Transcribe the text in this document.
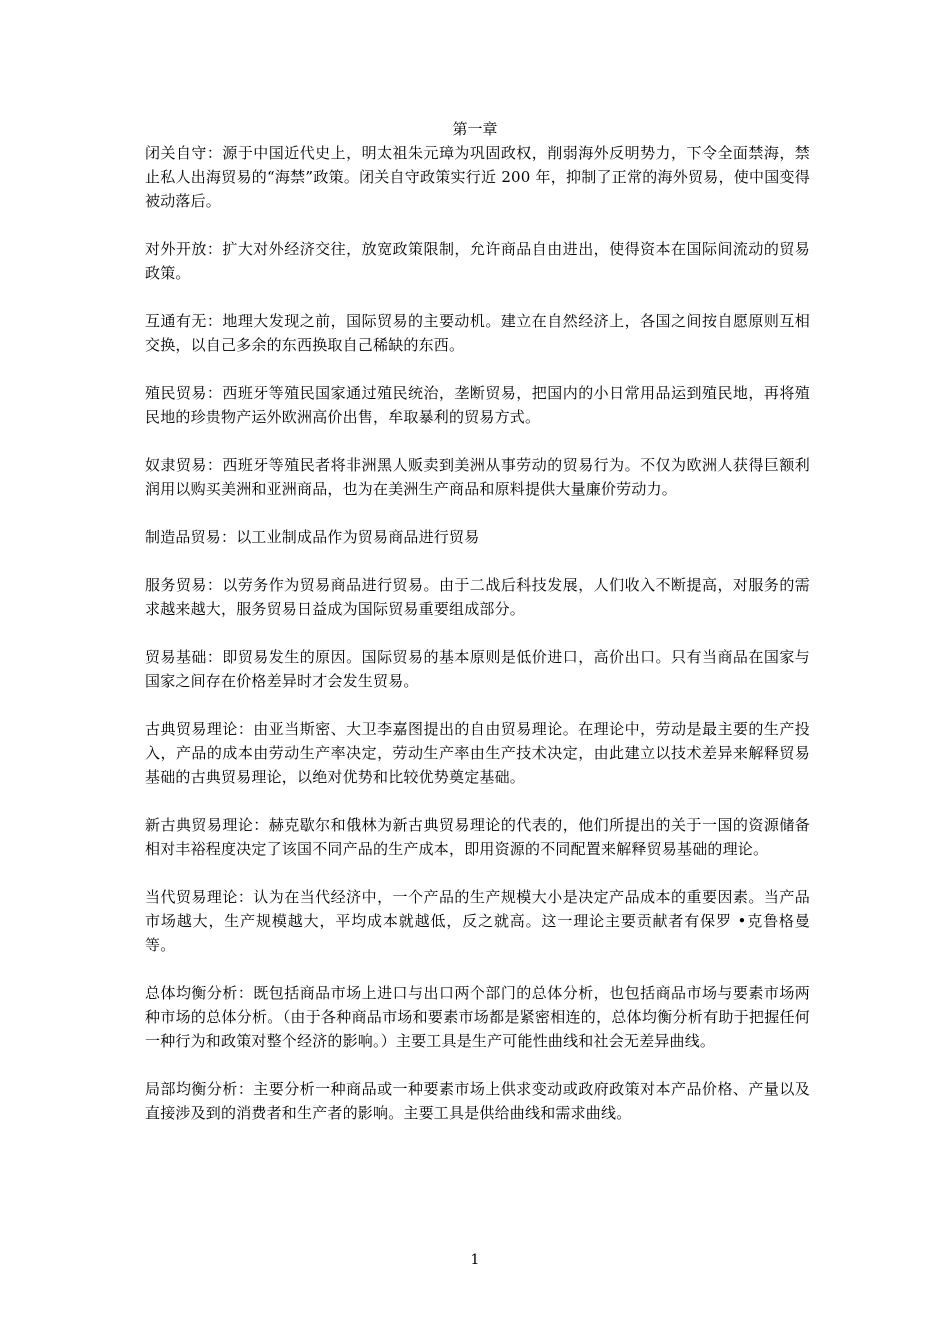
第一章

闭关自守：源于中国近代史上，明太祖朱元璋为巩固政权，削弱海外反明势力，下令全面禁海，禁止私人出海贸易的“海禁”政策。闭关自守政策实行近 200 年，抑制了正常的海外贸易，使中国变得被动落后。

对外开放：扩大对外经济交往，放宽政策限制，允许商品自由进出，使得资本在国际间流动的贸易政策。

互通有无：地理大发现之前，国际贸易的主要动机。建立在自然经济上，各国之间按自愿原则互相交换，以自己多余的东西换取自己稀缺的东西。

殖民贸易：西班牙等殖民国家通过殖民统治，垄断贸易，把国内的小日常用品运到殖民地，再将殖民地的珍贵物产运外欧洲高价出售，牟取暴利的贸易方式。

奴隶贸易：西班牙等殖民者将非洲黑人贩卖到美洲从事劳动的贸易行为。不仅为欧洲人获得巨额利润用以购买美洲和亚洲商品，也为在美洲生产商品和原料提供大量廉价劳动力。

制造品贸易：以工业制成品作为贸易商品进行贸易

服务贸易：以劳务作为贸易商品进行贸易。由于二战后科技发展，人们收入不断提高，对服务的需求越来越大，服务贸易日益成为国际贸易重要组成部分。

贸易基础：即贸易发生的原因。国际贸易的基本原则是低价进口，高价出口。只有当商品在国家与国家之间存在价格差异时才会发生贸易。

古典贸易理论：由亚当斯密、大卫李嘉图提出的自由贸易理论。在理论中，劳动是最主要的生产投入，产品的成本由劳动生产率决定，劳动生产率由生产技术决定，由此建立以技术差异来解释贸易基础的古典贸易理论，以绝对优势和比较优势奠定基础。

新古典贸易理论：赫克歇尔和俄林为新古典贸易理论的代表的，他们所提出的关于一国的资源储备相对丰裕程度决定了该国不同产品的生产成本，即用资源的不同配置来解释贸易基础的理论。

当代贸易理论：认为在当代经济中，一个产品的生产规模大小是决定产品成本的重要因素。当产品市场越大，生产规模越大，平均成本就越低，反之就高。这一理论主要贡献者有保罗 •克鲁格曼等。

总体均衡分析：既包括商品市场上进口与出口两个部门的总体分析，也包括商品市场与要素市场两种市场的总体分析。（由于各种商品市场和要素市场都是紧密相连的，总体均衡分析有助于把握任何一种行为和政策对整个经济的影响。）主要工具是生产可能性曲线和社会无差异曲线。

局部均衡分析：主要分析一种商品或一种要素市场上供求变动或政府政策对本产品价格、产量以及直接涉及到的消费者和生产者的影响。主要工具是供给曲线和需求曲线。

1
